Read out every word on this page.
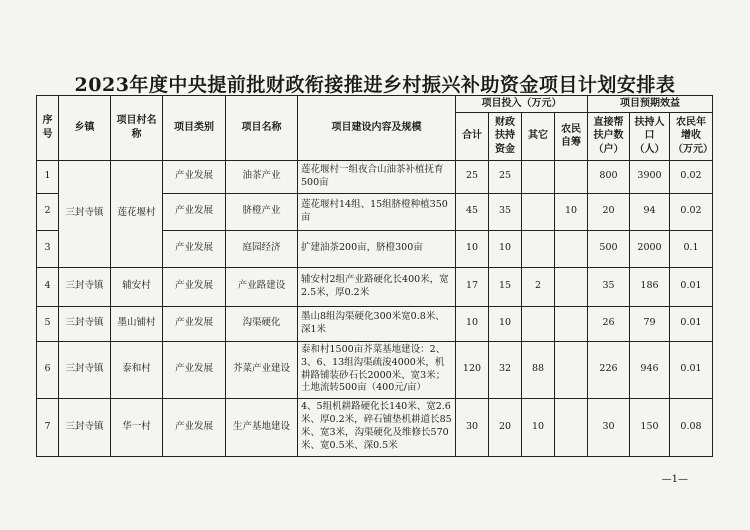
2023年度中央提前批财政衔接推进乡村振兴补助资金项目计划安排表
序号	乡镇	项目村名称	项目类别	项目名称	项目建设内容及规模	项目投入（万元）				项目预期效益		
						合计	财政扶持资金	其它	农民自筹	直接帮扶户数（户）	扶持人口（人）	农民年增收（万元）
1	三封寺镇	莲花堰村	产业发展	油茶产业	莲花堰村一组夜合山油茶补植抚育500亩	25	25			800	3900	0.02
2			产业发展	脐橙产业	莲花堰村14组、15组脐橙种植350亩	45	35		10	20	94	0.02
3			产业发展	庭园经济	扩建油茶200亩，脐橙300亩	10	10			500	2000	0.1
4	三封寺镇	辅安村	产业发展	产业路建设	辅安村2组产业路硬化长400米，宽2.5米，厚0.2米	17	15	2		35	186	0.01
5	三封寺镇	墨山铺村	产业发展	沟渠硬化	墨山8组沟渠硬化300米宽0.8米、深1米	10	10			26	79	0.01
6	三封寺镇	泰和村	产业发展	芥菜产业建设	泰和村1500亩芥菜基地建设：2、3、6、13组沟渠疏浚4000米，机耕路铺装砂石长2000米、宽3米；土地流转500亩（400元/亩）	120	32	88		226	946	0.01
7	三封寺镇	华一村	产业发展	生产基地建设	4、5组机耕路硬化长140米、宽2.6米、厚0.2米，碎石铺垫机耕道长85米、宽3米，沟渠硬化及维修长570米、宽0.5米、深0.5米	30	20	10		30	150	0.08
—1—
